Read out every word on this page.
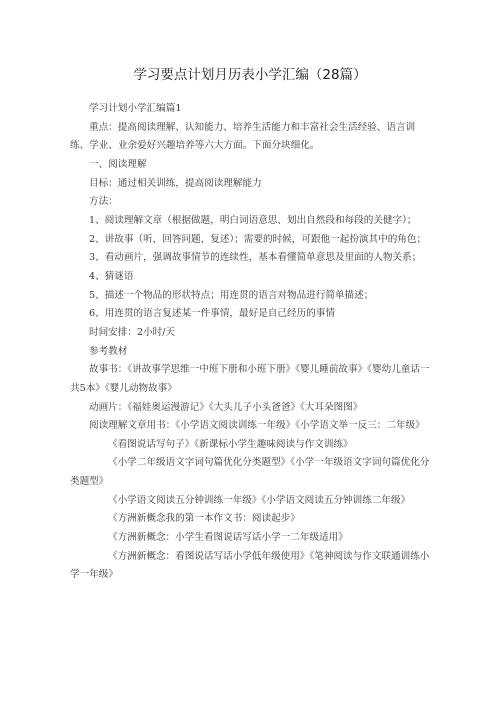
学习要点计划月历表小学汇编（28篇）

学习计划小学汇编篇1

重点：提高阅读理解、认知能力、培养生活能力和丰富社会生活经验、语言训练、学业、业余爱好兴趣培养等六大方面。下面分块细化。

一、阅读理解

目标：通过相关训练，提高阅读理解能力

方法：

1、阅读理解文章（根据做题，明白词语意思、划出自然段和每段的关健字）；

2、讲故事（听，回答问题，复述）；需要的时候，可跟他一起扮演其中的角色；

3、看动画片，强调故事情节的连续性，基本看懂简单意思及里面的人物关系；

4、猜谜语

5、描述一个物品的形状特点；用连贯的语言对物品进行简单描述；

6、用连贯的语言复述某一件事情，最好是自己经历的事情

时间安排：2小时/天

参考教材

故事书：《讲故事学思维一中班下册和小班下册》《婴儿睡前故事》《婴幼儿童话一共5本》《婴儿动物故事》

动画片：《福娃奥运漫游记》《大头儿子小头爸爸》《大耳朵图图》

阅读理解文章用书：《小学语文阅读训练一年级》《小学语文举一反三：二年级》

《看图说话写句子》《新课标小学生趣味阅读与作文训练》

《小学二年级语文字词句篇优化分类题型》《小学一年级语文字词句篇优化分类题型》

《小学语文阅读五分钟训练一年级》《小学语文阅读五分钟训练二年级》

《方洲新概念我的第一本作文书：阅读起步》

《方洲新概念：小学生看图说话写话小学一二年级适用》

《方洲新概念：看图说话写话小学低年级使用》《笔神阅读与作文联通训练小学一年级》
